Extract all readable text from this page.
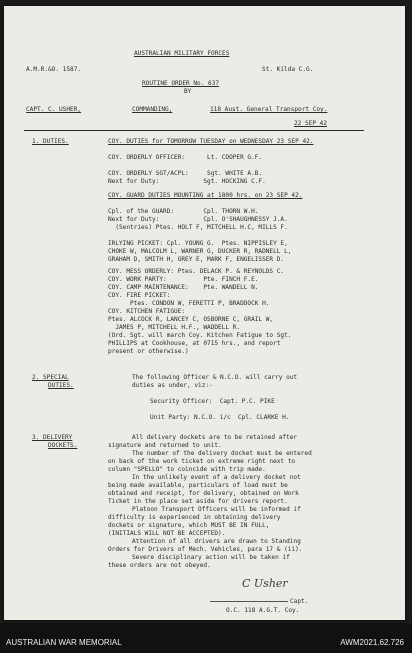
AUSTRALIAN MILITARY FORCES
A.M.R.&O. 1587.	St. Kilda C.G.
ROUTINE ORDER No. 637
BY
CAPT. C. USHER,	COMMANDING,	118 Aust. General Transport Coy.
22 SEP 42
1. DUTIES.	COY. DUTIES for TOMORROW TUESDAY on WEDNESDAY 23 SEP 42.
COY. ORDERLY OFFICER:      Lt. COOPER G.F.
COY. ORDERLY SGT/ACPL:     Sgt. WHITE A.B.
Next for Duty:            Sgt. HOCKING C.F.
COY. GUARD DUTIES MOUNTING at 1800 hrs. on 23 SEP 42.
Cpl. of the GUARD:        Cpl. THORN W.H.
Next for Duty:            Cpl. O'SHAUGHNESSY J.A.
(Sentries) Ptes. HOLT F, MITCHELL H.C, MILLS F.
IRLYING PICKET: Cpl. YOUNG G.  Ptes. NIPPISLEY E,
CHOKE W, MALCOLM L, WARNER G, DUCKER R, RADNELL L,
GRAHAM D, SMITH H, GREY E, MARK F, ENGELISSER D.
COY. MESS ORDERLY: Ptes. DELACK P. & REYNOLDS C.
COY. WORK PARTY:          Pte. FINCH F.E.
COY. CAMP MAINTENANCE:    Pte. WANDELL N.
COY. FIRE PICKET:
Ptes. CONDON W, FERETTI P, BRADDOCK H.
COY. KITCHEN FATIGUE:
Ptes. ALCOCK R, LANCEY C, OSBORNE C, GRAIL W,
JAMES P, MITCHELL H.F., WADDELL R.
(Ord. Sgt. will march Coy. Kitchen Fatigue to Sgt.
PHILLIPS at Cookhouse, at 0715 hrs., and report
present or otherwise.)
2. SPECIAL
DUTIES.
The following Officer & N.C.O. will carry out
duties as under, viz:-
Security Officer:  Capt. P.C. PIKE
Unit Party: N.C.O. i/c  Cpl. CLARKE H.
3. DELIVERY
DOCKETS.
All delivery dockets are to be retained after
signature and returned to unit.
The number of the delivery docket must be entered
on back of the work ticket on extreme right next to
column "SPELLO" to coincide with trip made.
In the unlikely event of a delivery docket not
being made available, particulars of load must be
obtained and receipt, for delivery, obtained on Work
Ticket in the place set aside for drivers report.
Platoon Transport Officers will be informed if
difficulty is experienced in obtaining delivery
dockets or signature, which MUST BE IN FULL,
(INITIALS WILL NOT BE ACCEPTED).
Attention of all drivers are drawn to Standing
Orders for Drivers of Mech. Vehicles, para 17 & (ii).
Severe disciplinary action will be taken if
these orders are not obeyed.
C Usher
Capt.
O.C. 118 A.G.T. Coy.
AUSTRALIAN WAR MEMORIAL	AWM2021.62.726
